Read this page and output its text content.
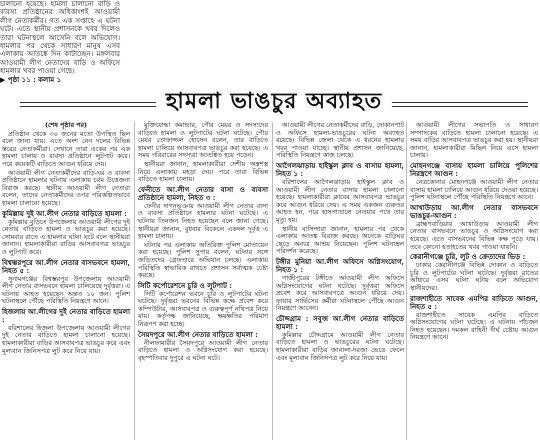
চালানো হয়েছে। হামলা চালানো বাড়ি ও ব্যবসা প্রতিষ্ঠানের অধিকাংশই আওয়ামী লীগ নেতাকর্মীর। গত এক সপ্তাহে এ ঘটনা ঘটে। এতে স্থানীয় প্রশাসনকে খবর দিলেও তারা ঘটনাস্থলে আসেনি বলে অভিযোগ। হামলার পর থেকে সাধারণ মানুষ এসব এলাকায় আতঙ্কে দিন কাটাচ্ছেন। মঙ্গলবার আওয়ামী লীগ নেতাদের বাড়ি ও অফিসে হামলার খবর পাওয়া গেছে।

▶ পৃষ্ঠা ১১ : কলাম ১

হামলা ভাঙচুর অব্যাহত

(শেষ পৃষ্ঠার পর)

প্রতিষ্ঠান থেকে ৩০ জনের মতো উপস্থিত ছিল বলে জানা যায়। এতে অংশ নেন দলের বিভিন্ন স্তরের নেতাকর্মীরা। সেখানে তারা একের পর এক হামলা চালায় ও ব্যবসা প্রতিষ্ঠানে লুটপাট করে। পরে কয়েকটি বাড়িতে আগুন ধরিয়ে দেয়।

আওয়ামী লীগ নেতাকর্মীদের বাড়ি-ঘর ও ব্যবসা প্রতিষ্ঠানে হামলার ঘটনায় এলাকায় চরম উত্তেজনা বিরাজ করছে। স্থানীয় আওয়ামী লীগ নেতারা বলেন, তাদের নেতাকর্মীদের ওপর পরিকল্পিতভাবে হামলা চালানো হয়েছে।

কুমিল্লায় দুই আ.লীগ নেতার বাড়িতে হামলা :

কুমিল্লার বুড়িচং উপজেলায় আওয়ামী লীগের দুই নেতার বাড়িতে হামলা ও ভাঙচুর করা হয়েছে। সোমবার রাতে এ হামলার ঘটনা ঘটে বলে স্থানীয়রা জানান। হামলাকারীরা বাড়ির আসবাবপত্র ভাঙচুর ও লুটপাট করে।

বিশ্বম্ভরপুরে আ.লীগ নেতার বাসভবনে হামলা, নিহত ৫ :

সুনামগঞ্জের বিশ্বম্ভরপুর উপজেলায় আওয়ামী লীগ নেতার বাসভবনে হামলা চালিয়েছে দুর্বৃত্তরা। এ ঘটনায় আহত হয়েছেন অন্তত ১০ জন। পুলিশ ঘটনাস্থলে পৌঁছে পরিস্থিতি নিয়ন্ত্রণে আনে।

হিজলায় আ.লীগের দুই নেতার বাড়িতে হামলা :

বরিশালের হিজলা উপজেলায় আওয়ামী লীগের দুই নেতার বাড়িতে হামলা চালানো হয়েছে। হামলাকারীরা বাড়ির আসবাবপত্র ভাঙচুর করে এবং মূল্যবান জিনিসপত্র লুট করে নিয়ে যায়।

মুক্তিযোদ্ধা কমান্ডার, পৌর মেয়র ও সদস্যদের বাড়িতে হামলা ও লুটপাটের ঘটনা ঘটেছে। পৌর মেয়র তোফাজ্জল হোসেন বলেন, তার বাড়িতে হামলা চালিয়ে আসবাবপত্র ভাঙচুর করা হয়েছে। এ সময় পরিবারের সদস্যরা আতঙ্কিত হয়ে পড়েন।

স্থানীয়রা জানান, হামলাকারীরা দেশীয় অস্ত্রশস্ত্র নিয়ে এলাকায় মহড়া দেয়। পরে তারা বিভিন্ন বাড়িতে হামলা চালায়।

ফেনীতে আ.লীগ নেতার বাসা ও ব্যবসা প্রতিষ্ঠানে হামলা, নিহত ৩ :

ফেনীর দাগনভূঞায় আওয়ামী লীগ নেতার বাসা ও ব্যবসা প্রতিষ্ঠানে হামলার ঘটনা ঘটেছে। এ ঘটনায় তিনজন নিহত হয়েছেন বলে জানা গেছে। স্থানীয়রা জানান, বুধবার বিকেলে একদল দুর্বৃত্ত এ হামলা চালায়।

ঘটনার পর এলাকায় অতিরিক্ত পুলিশ মোতায়েন করা হয়েছে। পুলিশ সুপার বলেন, ঘটনার সঙ্গে জড়িতদের গ্রেফতারে অভিযান চলছে। এলাকায় পরিস্থিতি স্বাভাবিক রাখতে প্রশাসন সর্বাত্মক চেষ্টা করছে।

সিটি কর্পোরেশনে চুরি ও লুটপাট :

সিটি কর্পোরেশন ভবনে চুরি ও লুটপাটের ঘটনা ঘটেছে। দুর্বৃত্তরা ভবনের বিভিন্ন কক্ষে প্রবেশ করে কম্পিউটার, আসবাবপত্র ও গুরুত্বপূর্ণ নথিপত্র নিয়ে যায়। কর্তৃপক্ষ জানিয়েছে, ক্ষয়ক্ষতির পরিমাণ নিরূপণ করা হচ্ছে।

সৈয়দপুরে আ.লীগ নেতার বাড়িতে হামলা :

নীলফামারীর সৈয়দপুরে আওয়ামী লীগ নেতার বাড়িতে হামলা ও অগ্নিসংযোগ করা হয়েছে। বৃহস্পতিবার দুপুরে এ ঘটনা ঘটে।

আওয়ামী লীগের নেতাকর্মীদের বাড়ি, দোকানপাট ও অফিসে হামলা-ভাঙচুরের ঘটনা অব্যাহত রয়েছে। বিভিন্ন জেলা থেকে এ ধরনের হামলার খবর পাওয়া যাচ্ছে। স্থানীয় প্রশাসন জানিয়েছে, পরিস্থিতি নিয়ন্ত্রণে কাজ চলছে।

আগৈলঝাড়ায় হাইস্কুল ক্লাব ও বাসায় হামলা, নিহত ১ :

বরিশালের আগৈলঝাড়ায় হাইস্কুল ক্লাব ও আওয়ামী লীগ নেতার বাসায় হামলা চালানো হয়েছে। হামলাকারীরা ক্লাবের আসবাবপত্র ভাঙচুর করে আগুন ধরিয়ে দেয়। এ সময় একজন গুরুতর আহত হন, পরে হাসপাতালে নেওয়ার পথে তার মৃত্যু হয়।

স্থানীয় বাসিন্দারা জানান, হামলার পর থেকে এলাকায় আতঙ্ক বিরাজ করছে। অনেকে বাড়িঘর ছেড়ে অন্যত্র আশ্রয় নিয়েছেন। পুলিশ ঘটনাস্থল পরিদর্শন করেছে।

টঙ্গীর মুনিয়া আ.লীগ অফিসে অগ্নিসংযোগ, নিহত ১ :

গাজীপুরের টঙ্গীতে আওয়ামী লীগ অফিসে অগ্নিসংযোগের ঘটনা ঘটেছে। দুর্বৃত্তরা অফিসে প্রবেশ করে আসবাবপত্রে আগুন ধরিয়ে দেয়। ফায়ার সার্ভিসের কর্মীরা ঘটনাস্থলে পৌঁছে আগুন নিয়ন্ত্রণে আনেন।

চৌদ্দগ্রাম : সবুজ আ.লীগ নেতার বাড়িতে হামলা :

কুমিল্লার চৌদ্দগ্রামে আওয়ামী লীগ নেতার বাড়িতে হামলা ও ভাঙচুরের ঘটনা ঘটেছে। হামলাকারীরা বাড়ির জানালা-দরজা ভেঙে ফেলে এবং মূল্যবান জিনিসপত্র লুট করে নিয়ে যায়।

আওয়ামী লীগের সভাপতি ও সাধারণ সম্পাদকের বাড়িতে হামলা চালানো হয়েছে। এ সময় বাড়ির আসবাবপত্র ভাঙচুর করা হয়। স্থানীয়রা জানান, হামলাকারীরা মিছিল নিয়ে এসে হামলা চালায়।

মোহনগঞ্জে বাসায় হামলা চালিয়ে পুলিশের নিরস্ত্রণে আগুন :

নেত্রকোনার মোহনগঞ্জে আওয়ামী লীগ নেতার বাসায় হামলা চালিয়ে আগুন ধরিয়ে দেওয়া হয়েছে। পুলিশ ঘটনাস্থলে পৌঁছে পরিস্থিতি নিয়ন্ত্রণে আনে।

আখাউড়ায় আ.লীগ নেতার বাসভবনে ভাঙচুর-আগুন :

ব্রাহ্মণবাড়িয়ার আখাউড়ায় আওয়ামী লীগ নেতার বাসভবনে ভাঙচুর ও অগ্নিসংযোগ করা হয়েছে। এতে বাসভবনের বিভিন্ন কক্ষ পুড়ে যায়। তবে কোনো হতাহতের খবর পাওয়া যায়নি।

কেরানীগঞ্জে চুরি, লুট ও ক্রেতাদের ভিড় :

ঢাকার কেরানীগঞ্জে বিভিন্ন দোকান ও বাড়িতে চুরি ও লুটপাটের ঘটনা ঘটেছে। দুর্বৃত্তরা রাতের আঁধারে এসব ঘটনা ঘটায় বলে অভিযোগ স্থানীয়দের।

রাজশাহীতে সাবেক এমপির বাড়িতে আগুন, নিহত ৫ :

রাজশাহীতে সাবেক এমপির বাড়িতে অগ্নিসংযোগের ঘটনা ঘটেছে। এ ঘটনায় পাঁচজন নিহত হয়েছেন। দমকল বাহিনী দীর্ঘ চেষ্টায় আগুন নিয়ন্ত্রণে আনে।
